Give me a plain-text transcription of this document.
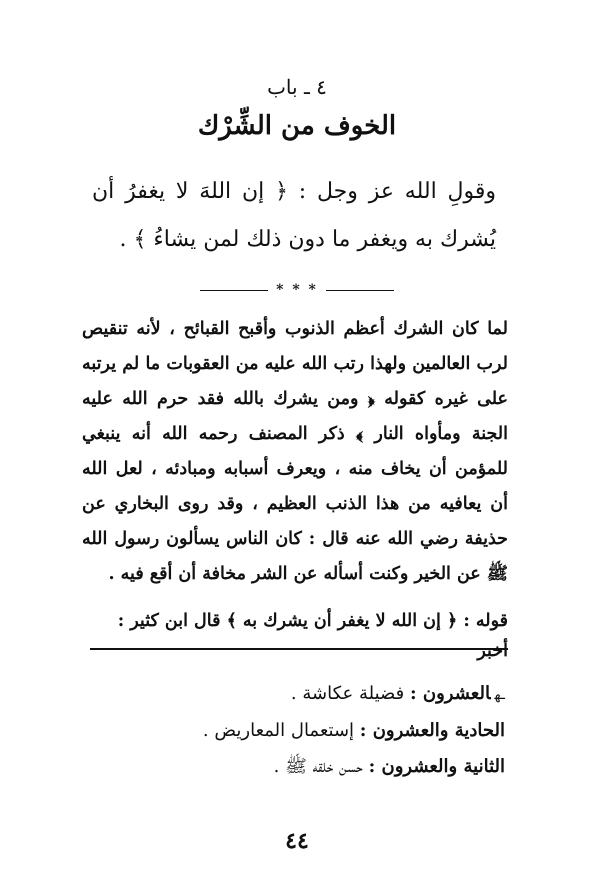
٤ ـ باب
الخوف من الشِّرْك
وقولِ الله عز وجل : ﴿ إن اللهَ لا يغفرُ أن يُشرك به ويغفر ما دون ذلك لمن يشاءُ ﴾ .
* * *

لما كان الشرك أعظم الذنوب وأقبح القبائح ، لأنه تنقيص لرب العالمين ولهذا رتب الله عليه من العقوبات ما لم يرتبه على غيره كقوله ﴿ ومن يشرك بالله فقد حرم الله عليه الجنة ومأواه النار ﴾ ذكر المصنف رحمه الله أنه ينبغي للمؤمن أن يخاف منه ، ويعرف أسبابه ومبادئه ، لعل الله أن يعافيه من هذا الذنب العظيم ، وقد روى البخاري عن حذيفة رضي الله عنه قال : كان الناس يسألون رسول الله ﷺ عن الخير وكنت أسأله عن الشر مخافة أن أقع فيه .

قوله : ﴿ إن الله لا يغفر أن يشرك به ﴾ قال ابن كثير : أخبر

ـهالعشرون : فضيلة عكاشة .

الحادية والعشرون : إستعمال المعاريض .

الثانية والعشرون : حسن خلقه ﷺ .

٤٤
